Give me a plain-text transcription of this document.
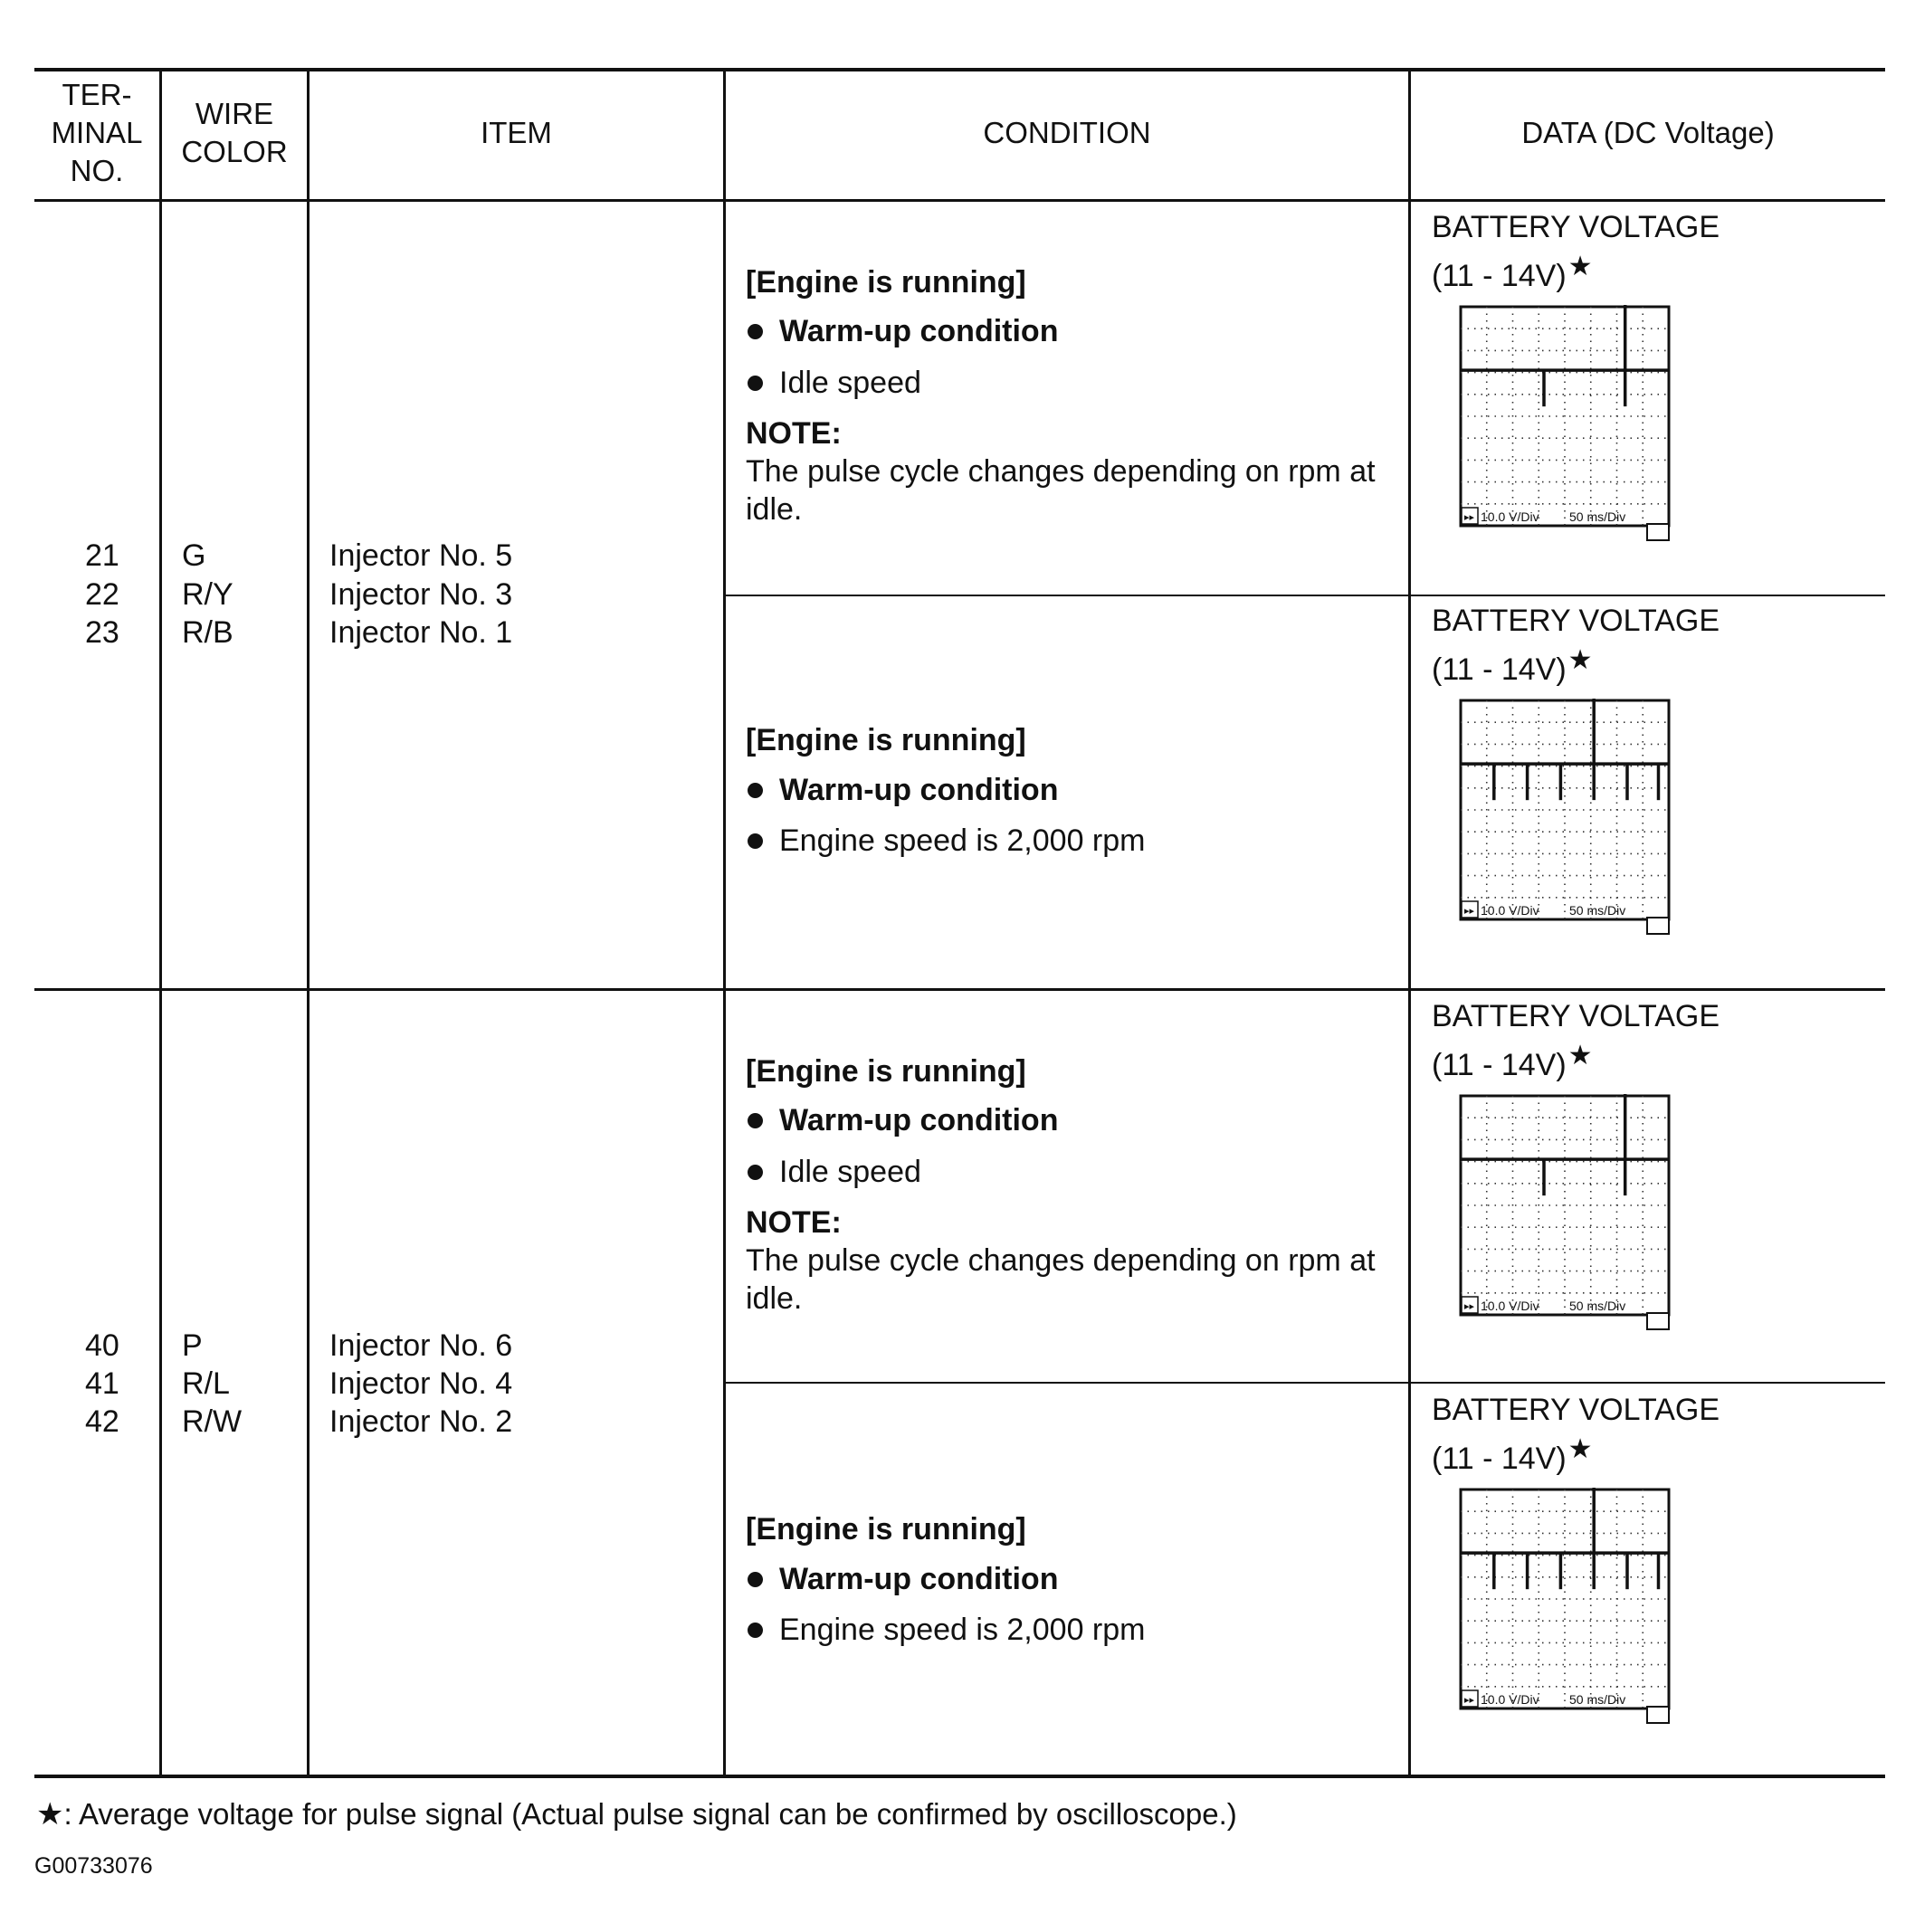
TER-
MINAL
NO.
WIRE
COLOR
ITEM	CONDITION	DATA (DC Voltage)
21
22
23
G
R/Y
R/B
Injector No. 5
Injector No. 3
Injector No. 1
[Engine is running]
Warm-up condition
Idle speed
NOTE:
The pulse cycle changes depending on rpm at idle.
BATTERY VOLTAGE
(11 - 14V)★
▸▸ 10.0 V/Div 50 ms/Div
[Engine is running]
Warm-up condition
Engine speed is 2,000 rpm
BATTERY VOLTAGE
(11 - 14V)★
▸▸ 10.0 V/Div 50 ms/Div
40
41
42
P
R/L
R/W
Injector No. 6
Injector No. 4
Injector No. 2
[Engine is running]
Warm-up condition
Idle speed
NOTE:
The pulse cycle changes depending on rpm at idle.
BATTERY VOLTAGE
(11 - 14V)★
▸▸ 10.0 V/Div 50 ms/Div
[Engine is running]
Warm-up condition
Engine speed is 2,000 rpm
BATTERY VOLTAGE
(11 - 14V)★
▸▸ 10.0 V/Div 50 ms/Div
★: Average voltage for pulse signal (Actual pulse signal can be confirmed by oscilloscope.)
G00733076
